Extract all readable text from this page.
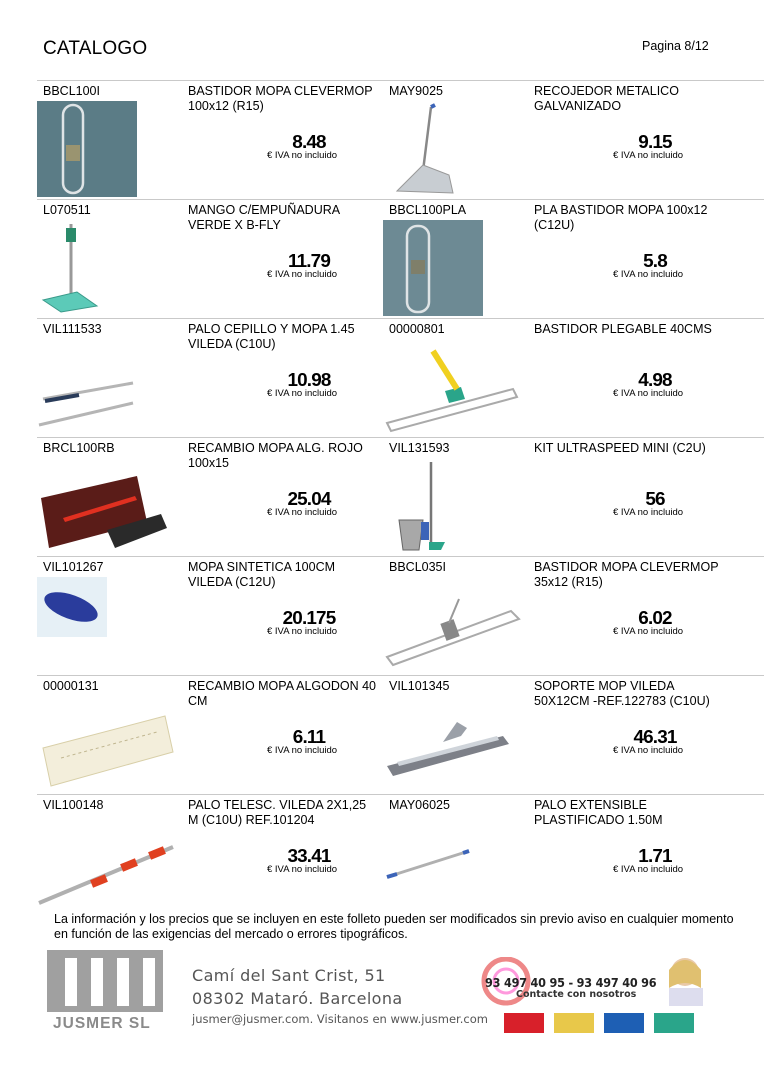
CATALOGO	Pagina 8/12
BBCL100I	BASTIDOR MOPA CLEVERMOP 100x12 (R15)
8.48
€ IVA no incluido
MAY9025	RECOJEDOR METALICO GALVANIZADO
9.15
€ IVA no incluido
L070511	MANGO C/EMPUÑADURA VERDE X B-FLY
11.79
€ IVA no incluido
BBCL100PLA	PLA BASTIDOR MOPA 100x12 (C12U)
5.8
€ IVA no incluido
VIL111533	PALO CEPILLO Y MOPA 1.45 VILEDA (C10U)
10.98
€ IVA no incluido
00000801	BASTIDOR PLEGABLE 40CMS
4.98
€ IVA no incluido
BRCL100RB	RECAMBIO MOPA ALG. ROJO 100x15
25.04
€ IVA no incluido
VIL131593	KIT ULTRASPEED MINI (C2U)
56
€ IVA no incluido
VIL101267	MOPA SINTETICA 100CM VILEDA (C12U)
20.175
€ IVA no incluido
BBCL035I	BASTIDOR MOPA CLEVERMOP 35x12 (R15)
6.02
€ IVA no incluido
00000131	RECAMBIO MOPA ALGODON 40 CM
6.11
€ IVA no incluido
VIL101345	SOPORTE MOP VILEDA 50X12CM -REF.122783 (C10U)
46.31
€ IVA no incluido
VIL100148	PALO TELESC. VILEDA 2X1,25 M (C10U) REF.101204
33.41
€ IVA no incluido
MAY06025	PALO EXTENSIBLE PLASTIFICADO 1.50M
1.71
€ IVA no incluido
La información y los precios que se incluyen en este folleto pueden ser modificados sin previo aviso en cualquier momento en función de las exigencias del mercado o errores tipográficos.
JUSMER SL
Camí del Sant Crist, 51
08302 Mataró. Barcelona
jusmer@jusmer.com. Visitanos en www.jusmer.com
93 497 40 95 - 93 497 40 96
Contacte con nosotros
